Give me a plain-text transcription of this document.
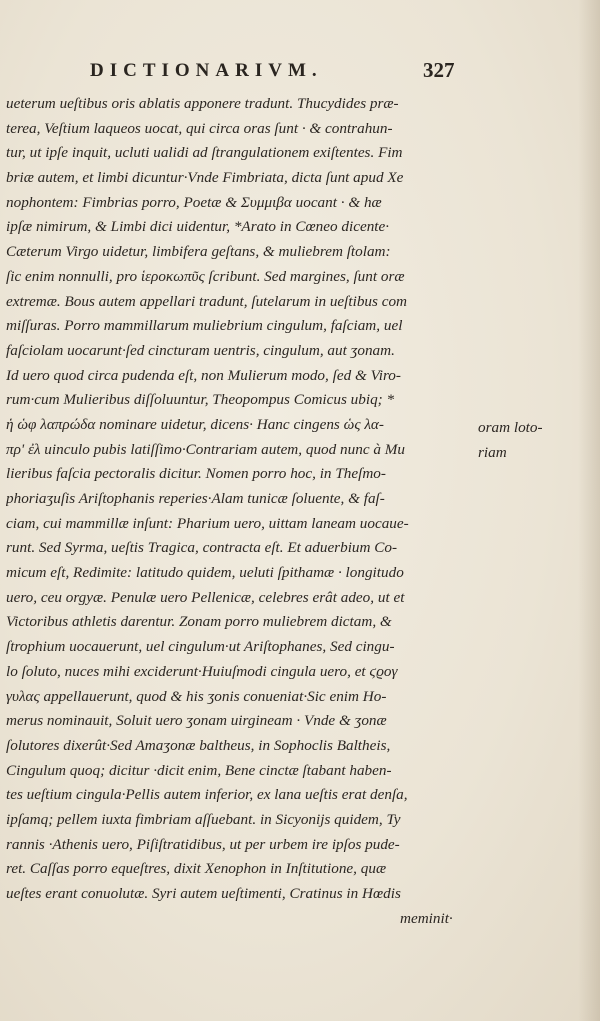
DICTIONARIVM.	327
ueterum ueſtibus oris ablatis apponere tradunt. Thucydides præ-
terea, Veſtium laqueos uocat, qui circa oras ſunt · & contrahun-
tur, ut ipſe inquit, ucluti ualidi ad ſtrangulationem exiſtentes. Fim
briæ autem, et limbi dicuntur·Vnde Fimbriata, dicta ſunt apud Xe
nophontem: Fimbrias porro, Poetæ & Συμμιβα uocant · & hæ
ipſæ nimirum, & Limbi dici uidentur, *Arato in Cœneo dicente·
Cæterum Virgo uidetur, limbifera geſtans, & muliebrem ſtolam:
ſic enim nonnulli, pro ἱεροκωπῦς ſcribunt. Sed margines, ſunt oræ
extremæ. Bous autem appellari tradunt, ſutelarum in ueſtibus com
miſſuras. Porro mammillarum muliebrium cingulum, faſciam, uel
faſciolam uocarunt·ſed cincturam uentris, cingulum, aut ʒonam.
Id uero quod circa pudenda eſt, non Mulierum modo, ſed & Viro-
rum·cum Mulieribus diſſoluuntur, Theopompus Comicus ubiq; *
ἡ ὡφ λαπρώδα nominare uidetur, dicens· Hanc cingens ὡς λα-
πρ' ἐλ uinculo pubis latiſſimo·Contrariam autem, quod nunc à Mu
lieribus faſcia pectoralis dicitur. Nomen porro hoc, in Theſmo-
phoriaʒuſis Ariſtophanis reperies·Alam tunicæ ſoluente, & faſ-
ciam, cui mammillæ inſunt: Pharium uero, uittam laneam uocaue-
runt. Sed Syrma, ueſtis Tragica, contracta eſt. Et aduerbium Co-
micum eſt, Redimite: latitudo quidem, ueluti ſpithamæ · longitudo
uero, ceu orgyæ. Penulæ uero Pellenicæ, celebres erât adeo, ut et
Victoribus athletis darentur. Zonam porro muliebrem dictam, &
ſtrophium uocauerunt, uel cingulum·ut Ariſtophanes, Sed cingu-
lo ſoluto, nuces mihi exciderunt·Huiuſmodi cingula uero, et ϛϱογ
γυλας appellauerunt, quod & his ʒonis conueniat·Sic enim Ho-
merus nominauit, Soluit uero ʒonam uirgineam · Vnde & ʒonæ
ſolutores dixerût·Sed Amaʒonæ baltheus, in Sophoclis Baltheis,
Cingulum quoq; dicitur ·dicit enim, Bene cinctæ ſtabant haben-
tes ueſtium cingula·Pellis autem inferior, ex lana ueſtis erat denſa,
ipſamq; pellem iuxta fimbriam aſſuebant. in Sicyonijs quidem, Ty
rannis ·Athenis uero, Piſiſtratidibus, ut per urbem ire ipſos pude-
ret. Caſſas porro equeſtres, dixit Xenophon in Inſtitutione, quæ
ueſtes erant conuolutæ. Syri autem ueſtimenti, Cratinus in Hœdis
oram loto-
riam
meminit·
